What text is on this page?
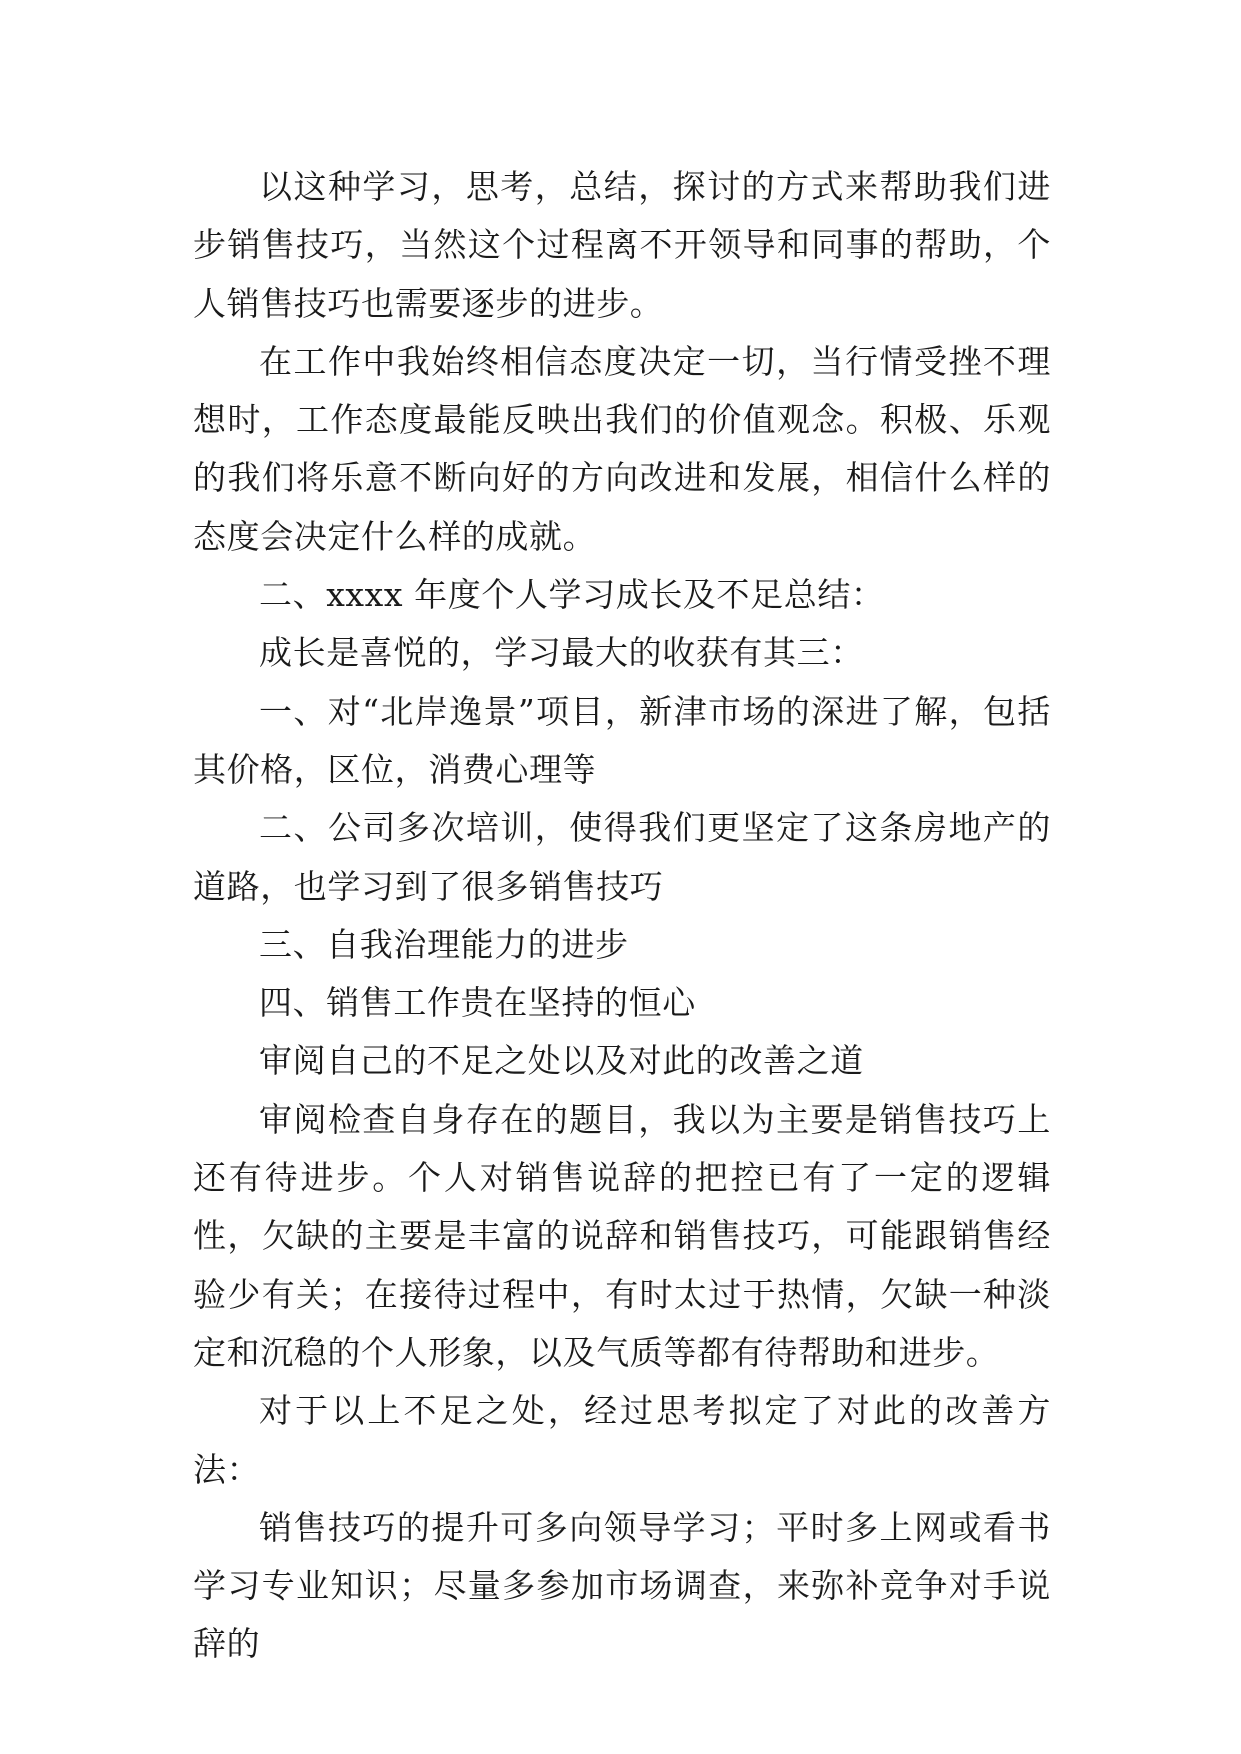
以这种学习，思考，总结，探讨的方式来帮助我们进步销售技巧，当然这个过程离不开领导和同事的帮助，个人销售技巧也需要逐步的进步。

在工作中我始终相信态度决定一切，当行情受挫不理想时，工作态度最能反映出我们的价值观念。积极、乐观的我们将乐意不断向好的方向改进和发展，相信什么样的态度会决定什么样的成就。

二、xxxx 年度个人学习成长及不足总结：

成长是喜悦的，学习最大的收获有其三：

一、对“北岸逸景”项目，新津市场的深进了解，包括其价格，区位，消费心理等

二、公司多次培训，使得我们更坚定了这条房地产的道路，也学习到了很多销售技巧

三、自我治理能力的进步

四、销售工作贵在坚持的恒心

审阅自己的不足之处以及对此的改善之道

审阅检查自身存在的题目，我以为主要是销售技巧上还有待进步。个人对销售说辞的把控已有了一定的逻辑性，欠缺的主要是丰富的说辞和销售技巧，可能跟销售经验少有关；在接待过程中，有时太过于热情，欠缺一种淡定和沉稳的个人形象，以及气质等都有待帮助和进步。

对于以上不足之处，经过思考拟定了对此的改善方法：

销售技巧的提升可多向领导学习；平时多上网或看书学习专业知识；尽量多参加市场调查，来弥补竞争对手说辞的
